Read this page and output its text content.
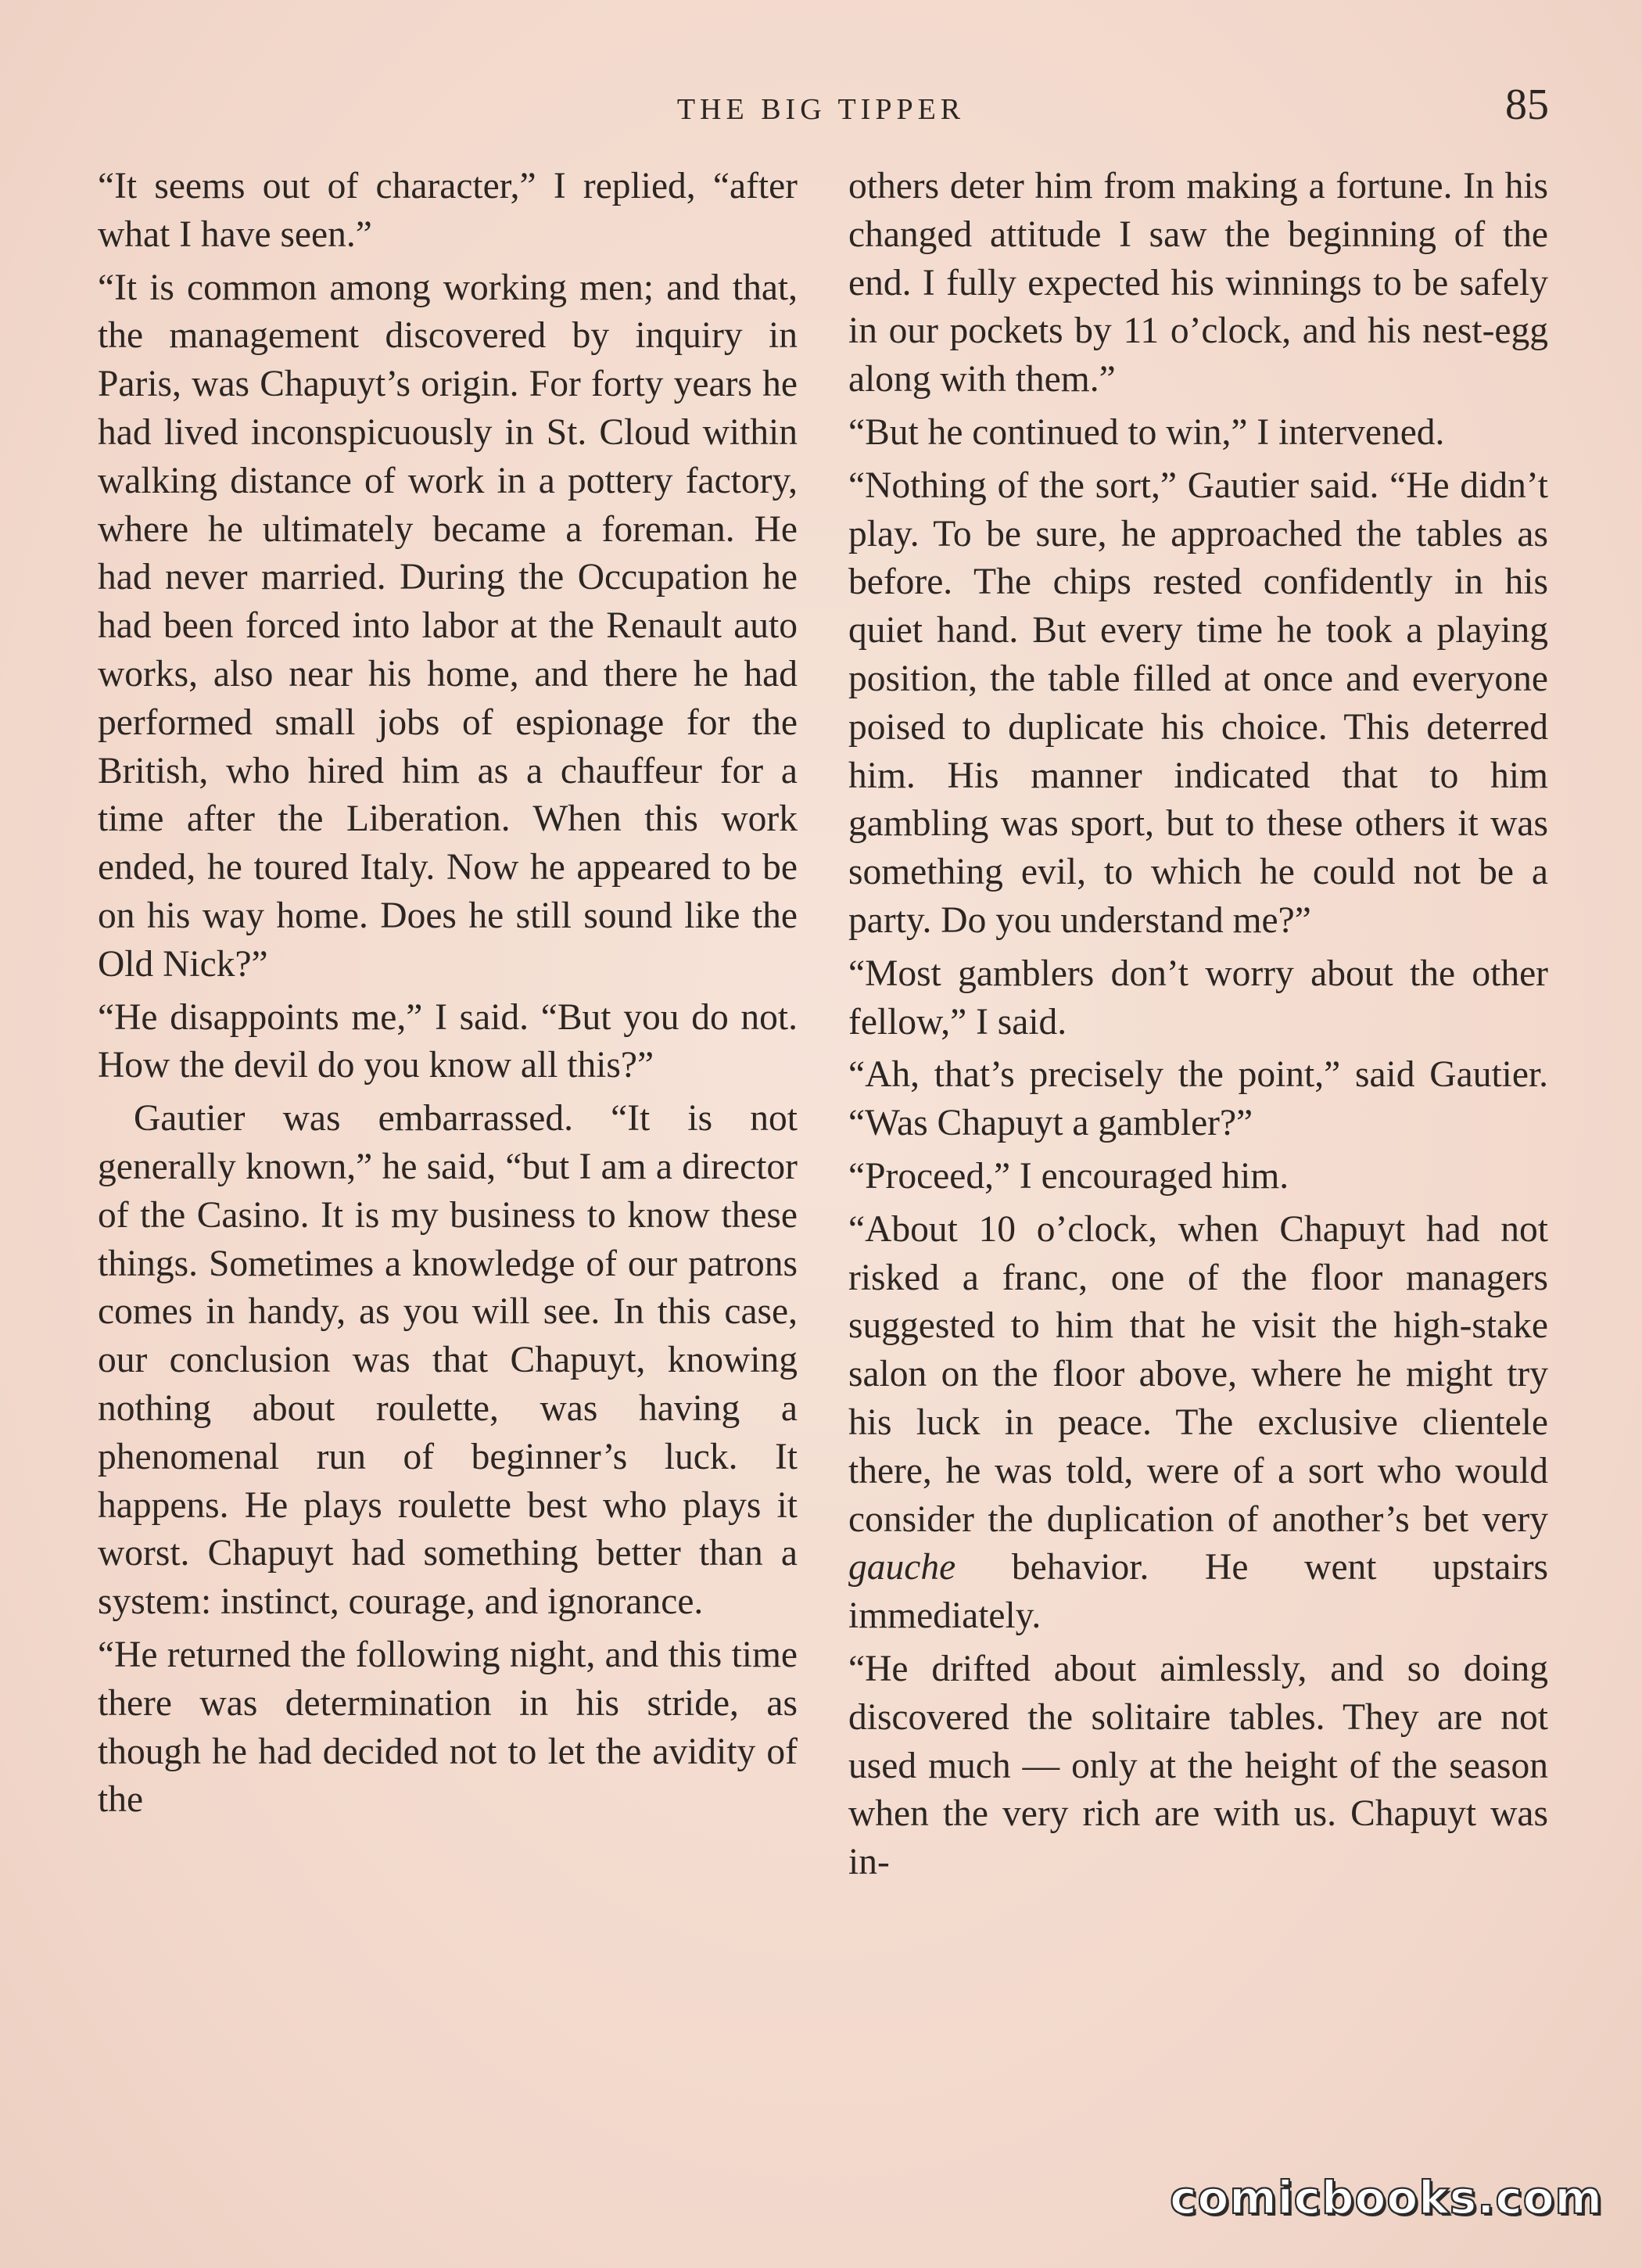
THE BIG TIPPER	85

“It seems out of character,” I replied, “after what I have seen.”

“It is common among working men; and that, the management discovered by inquiry in Paris, was Chapuyt’s origin. For forty years he had lived inconspicuously in St. Cloud within walking distance of work in a pottery factory, where he ultimately became a foreman. He had never married. During the Occupation he had been forced into labor at the Renault auto works, also near his home, and there he had performed small jobs of espionage for the British, who hired him as a chauffeur for a time after the Liberation. When this work ended, he toured Italy. Now he appeared to be on his way home. Does he still sound like the Old Nick?”

“He disappoints me,” I said. “But you do not. How the devil do you know all this?”

Gautier was embarrassed. “It is not generally known,” he said, “but I am a director of the Casino. It is my business to know these things. Sometimes a knowledge of our patrons comes in handy, as you will see. In this case, our conclusion was that Chapuyt, knowing nothing about roulette, was having a phenomenal run of beginner’s luck. It happens. He plays roulette best who plays it worst. Chapuyt had something better than a system: instinct, courage, and ignorance.

“He returned the following night, and this time there was determination in his stride, as though he had decided not to let the avidity of the

others deter him from making a fortune. In his changed attitude I saw the beginning of the end. I fully expected his winnings to be safely in our pockets by 11 o’clock, and his nest-egg along with them.”

“But he continued to win,” I intervened.

“Nothing of the sort,” Gautier said. “He didn’t play. To be sure, he approached the tables as before. The chips rested confidently in his quiet hand. But every time he took a playing position, the table filled at once and everyone poised to duplicate his choice. This deterred him. His manner indicated that to him gambling was sport, but to these others it was something evil, to which he could not be a party. Do you understand me?”

“Most gamblers don’t worry about the other fellow,” I said.

“Ah, that’s precisely the point,” said Gautier. “Was Chapuyt a gambler?”

“Proceed,” I encouraged him.

“About 10 o’clock, when Chapuyt had not risked a franc, one of the floor managers suggested to him that he visit the high-stake salon on the floor above, where he might try his luck in peace. The exclusive clientele there, he was told, were of a sort who would consider the duplication of another’s bet very gauche behavior. He went upstairs immediately.

“He drifted about aimlessly, and so doing discovered the solitaire tables. They are not used much — only at the height of the season when the very rich are with us. Chapuyt was in-

comicbooks.com
